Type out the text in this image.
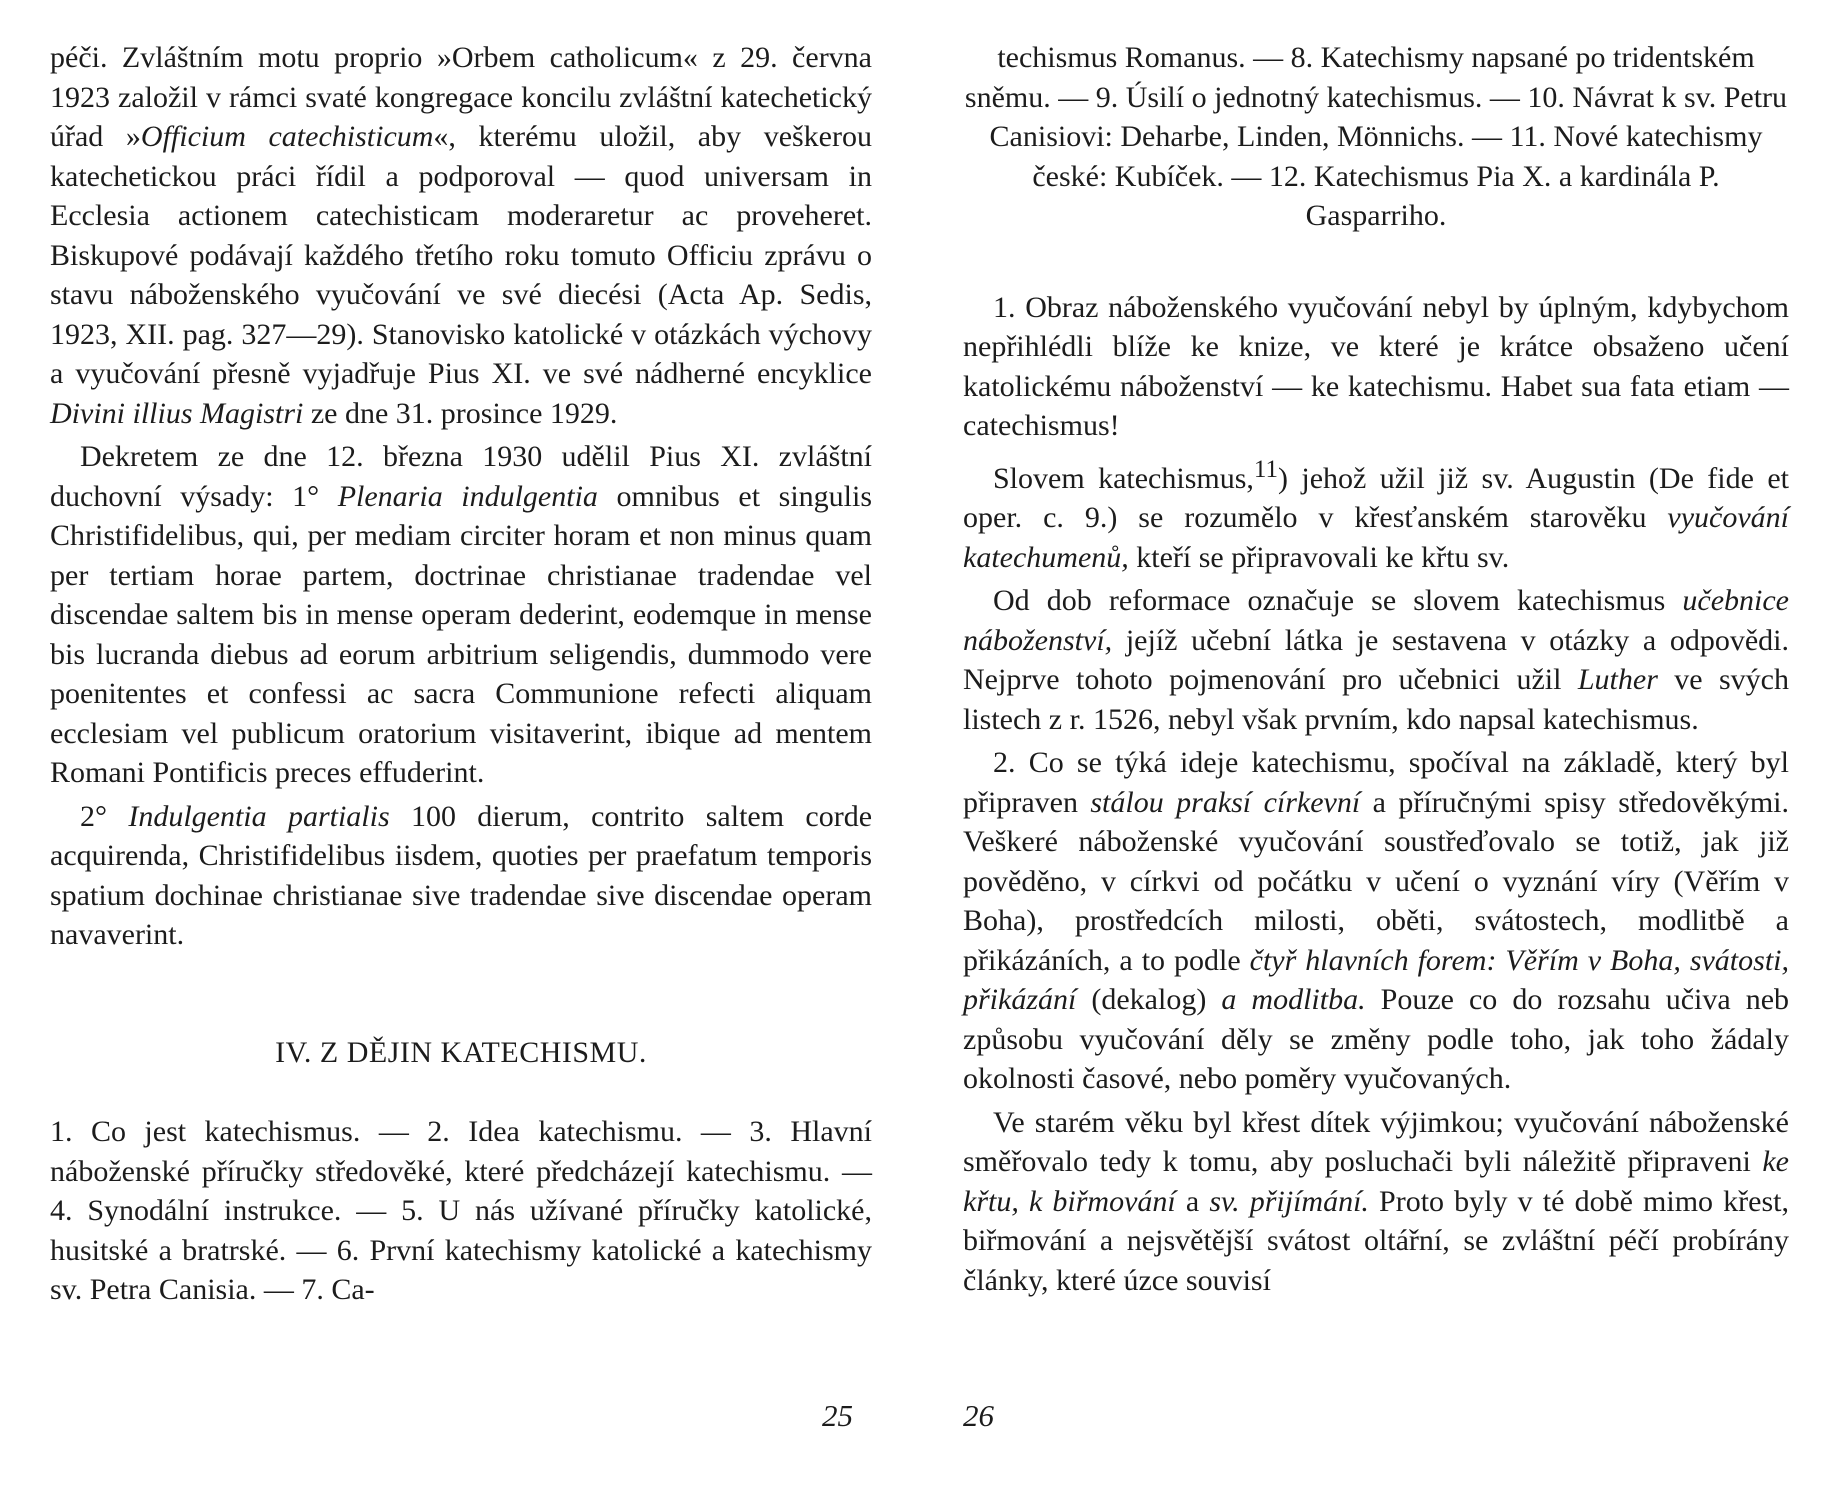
péči. Zvláštním motu proprio »Orbem catholicum« z 29. června 1923 založil v rámci svaté kongregace koncilu zvláštní katechetický úřad »Officium catechisticum«, kterému uložil, aby veškerou katechetickou práci řídil a podporoval — quod universam in Ecclesia actionem catechisticam moderaretur ac proveheret. Biskupové podávají každého třetího roku tomuto Officiu zprávu o stavu náboženského vyučování ve své diecési (Acta Ap. Sedis, 1923, XII. pag. 327—29). Stanovisko katolické v otázkách výchovy a vyučování přesně vyjadřuje Pius XI. ve své nádherné encyklice Divini illius Magistri ze dne 31. prosince 1929.

Dekretem ze dne 12. března 1930 udělil Pius XI. zvláštní duchovní výsady: 1° Plenaria indulgentia omnibus et singulis Christifidelibus, qui, per mediam circiter horam et non minus quam per tertiam horae partem, doctrinae christianae tradendae vel discendae saltem bis in mense operam dederint, eodemque in mense bis lucranda diebus ad eorum arbitrium seligendis, dummodo vere poenitentes et confessi ac sacra Communione refecti aliquam ecclesiam vel publicum oratorium visitaverint, ibique ad mentem Romani Pontificis preces effuderint.

2° Indulgentia partialis 100 dierum, contrito saltem corde acquirenda, Christifidelibus iisdem, quoties per praefatum temporis spatium dochinae christianae sive tradendae sive discendae operam navaverint.

IV. Z DĚJIN KATECHISMU.

1. Co jest katechismus. — 2. Idea katechismu. — 3. Hlavní náboženské příručky středověké, které předcházejí katechismu. — 4. Synodální instrukce. — 5. U nás užívané příručky katolické, husitské a bratrské. — 6. První katechismy katolické a katechismy sv. Petra Canisia. — 7. Ca-

25

techismus Romanus. — 8. Katechismy napsané po tridentském sněmu. — 9. Úsilí o jednotný katechismus. — 10. Návrat k sv. Petru Canisiovi: Deharbe, Linden, Mönnichs. — 11. Nové katechismy české: Kubíček. — 12. Katechismus Pia X. a kardinála P. Gasparriho.

1. Obraz náboženského vyučování nebyl by úplným, kdybychom nepřihlédli blíže ke knize, ve které je krátce obsaženo učení katolickému náboženství — ke katechismu. Habet sua fata etiam — catechismus!

Slovem katechismus,$^{11}$) jehož užil již sv. Augustin (De fide et oper. c. 9.) se rozumělo v křesťanském starověku vyučování katechumenů, kteří se připravovali ke křtu sv.

Od dob reformace označuje se slovem katechismus učebnice náboženství, jejíž učební látka je sestavena v otázky a odpovědi. Nejprve tohoto pojmenování pro učebnici užil Luther ve svých listech z r. 1526, nebyl však prvním, kdo napsal katechismus.

2. Co se týká ideje katechismu, spočíval na základě, který byl připraven stálou praksí církevní a příručnými spisy středověkými. Veškeré náboženské vyučování soustřeďovalo se totiž, jak již pověděno, v církvi od počátku v učení o vyznání víry (Věřím v Boha), prostředcích milosti, oběti, svátostech, modlitbě a přikázáních, a to podle čtyř hlavních forem: Věřím v Boha, svátosti, přikázání (dekalog) a modlitba. Pouze co do rozsahu učiva neb způsobu vyučování děly se změny podle toho, jak toho žádaly okolnosti časové, nebo poměry vyučovaných.

Ve starém věku byl křest dítek výjimkou; vyučování náboženské směřovalo tedy k tomu, aby posluchači byli náležitě připraveni ke křtu, k biřmování a sv. přijímání. Proto byly v té době mimo křest, biřmování a nejsvětější svátost oltářní, se zvláštní péčí probírány články, které úzce souvisí

26
